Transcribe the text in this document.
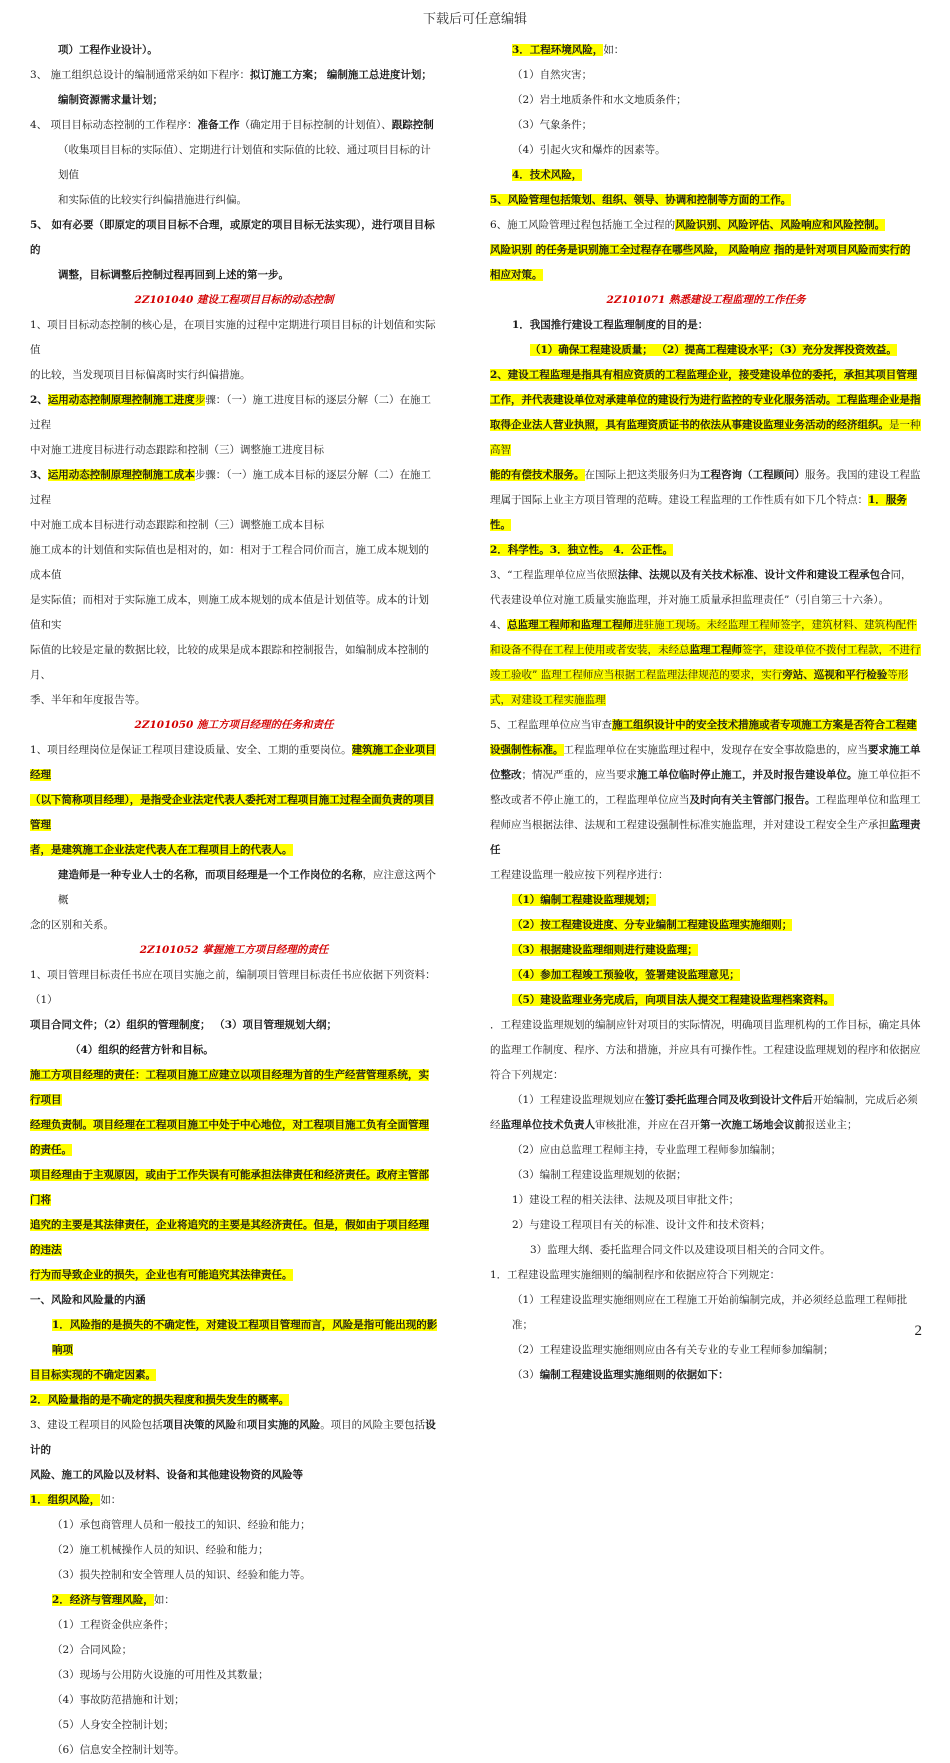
下载后可任意编辑
项）工程作业设计）。
3、 施工组织总设计的编制通常采纳如下程序：拟订施工方案； 编制施工总进度计划；
编制资源需求量计划；
4、 项目目标动态控制的工作程序：准备工作（确定用于目标控制的计划值）、跟踪控制
（收集项目目标的实际值）、定期进行计划值和实际值的比较、通过项目目标的计划值
和实际值的比较实行纠偏措施进行纠偏。
5、 如有必要（即原定的项目目标不合理，或原定的项目目标无法实现），进行项目目标的
调整，目标调整后控制过程再回到上述的第一步。
2Z101040 建设工程项目目标的动态控制
1、项目目标动态控制的核心是，在项目实施的过程中定期进行项目目标的计划值和实际值
的比较，当发现项目目标偏离时实行纠偏措施。
2、运用动态控制原理控制施工进度步骤：（一）施工进度目标的逐层分解（二）在施工过程
中对施工进度目标进行动态跟踪和控制（三）调整施工进度目标
3、运用动态控制原理控制施工成本步骤：（一）施工成本目标的逐层分解（二）在施工过程
中对施工成本目标进行动态跟踪和控制（三）调整施工成本目标
施工成本的计划值和实际值也是相对的，如：相对于工程合同价而言，施工成本规划的成本值
是实际值；而相对于实际施工成本，则施工成本规划的成本值是计划值等。成本的计划值和实
际值的比较是定量的数据比较，比较的成果是成本跟踪和控制报告，如编制成本控制的月、
季、半年和年度报告等。
2Z101050 施工方项目经理的任务和责任
1、项目经理岗位是保证工程项目建设质量、安全、工期的重要岗位。建筑施工企业项目经理
（以下简称项目经理），是指受企业法定代表人委托对工程项目施工过程全面负责的项目管理
者，是建筑施工企业法定代表人在工程项目上的代表人。
建造师是一种专业人士的名称，而项目经理是一个工作岗位的名称，应注意这两个概
念的区别和关系。
2Z101052 掌握施工方项目经理的责任
1、项目管理目标责任书应在项目实施之前，编制项目管理目标责任书应依据下列资料：（1）
项目合同文件；（2）组织的管理制度； （3）项目管理规划大纲；
（4）组织的经营方针和目标。
施工方项目经理的责任：工程项目施工应建立以项目经理为首的生产经营管理系统，实行项目
经理负责制。项目经理在工程项目施工中处于中心地位，对工程项目施工负有全面管理的责任。
项目经理由于主观原因，或由于工作失误有可能承担法律责任和经济责任。政府主管部门将
追究的主要是其法律责任，企业将追究的主要是其经济责任。但是，假如由于项目经理的违法
行为而导致企业的损失，企业也有可能追究其法律责任。
一、风险和风险量的内涵
1．风险指的是损失的不确定性，对建设工程项目管理而言，风险是指可能出现的影响项
目目标实现的不确定因素。
2．风险量指的是不确定的损失程度和损失发生的概率。
3、建设工程项目的风险包括项目决策的风险和项目实施的风险。项目的风险主要包括设计的
风险、施工的风险以及材料、设备和其他建设物资的风险等
1．组织风险，如：
（1）承包商管理人员和一般技工的知识、经验和能力；
（2）施工机械操作人员的知识、经验和能力；
（3）损失控制和安全管理人员的知识、经验和能力等。
2．经济与管理风险，如：
（1）工程资金供应条件；
（2）合同风险；
（3）现场与公用防火设施的可用性及其数量；
（4）事故防范措施和计划；
（5）人身安全控制计划；
（6）信息安全控制计划等。
3．工程环境风险，如：
（1）自然灾害；
（2）岩土地质条件和水文地质条件；
（3）气象条件；
（4）引起火灾和爆炸的因素等。
4．技术风险，
5、风险管理包括策划、组织、领导、协调和控制等方面的工作。
6、施工风险管理过程包括施工全过程的风险识别、风险评估、风险响应和风险控制。
风险识别 的任务是识别施工全过程存在哪些风险， 风险响应 指的是针对项目风险而实行的
相应对策。
2Z101071 熟悉建设工程监理的工作任务
1．我国推行建设工程监理制度的目的是：
（1）确保工程建设质量； （2）提高工程建设水平；（3）充分发挥投资效益。
2、建设工程监理是指具有相应资质的工程监理企业，接受建设单位的委托，承担其项目管理
工作，并代表建设单位对承建单位的建设行为进行监控的专业化服务活动。工程监理企业是指
取得企业法人营业执照，具有监理资质证书的依法从事建设监理业务活动的经济组织。是一种高智
能的有偿技术服务。在国际上把这类服务归为工程咨询（工程顾问）服务。我国的建设工程监
理属于国际上业主方项目管理的范畴。建设工程监理的工作性质有如下几个特点：1．服务性。
2．科学性。3．独立性。 4．公正性。
3、“工程监理单位应当依照法律、法规以及有关技术标准、设计文件和建设工程承包合同，
代表建设单位对施工质量实施监理，并对施工质量承担监理责任”（引自第三十六条）。
4、总监理工程师和监理工程师进驻施工现场。未经监理工程师签字，建筑材料、建筑构配件
和设备不得在工程上使用或者安装，未经总监理工程师签字，建设单位不拨付工程款，不进行
竣工验收” 监理工程师应当根据工程监理法律规范的要求，实行旁站、巡视和平行检验等形
式，对建设工程实施监理
5、工程监理单位应当审查施工组织设计中的安全技术措施或者专项施工方案是否符合工程建
设强制性标准。工程监理单位在实施监理过程中，发现存在安全事故隐患的，应当要求施工单
位整改；情况严重的，应当要求施工单位临时停止施工，并及时报告建设单位。施工单位拒不
整改或者不停止施工的，工程监理单位应当及时向有关主管部门报告。工程监理单位和监理工
程师应当根据法律、法规和工程建设强制性标准实施监理，并对建设工程安全生产承担监理责
任
工程建设监理一般应按下列程序进行：
（1）编制工程建设监理规划；
（2）按工程建设进度、分专业编制工程建设监理实施细则；
（3）根据建设监理细则进行建设监理；
（4）参加工程竣工预验收，签署建设监理意见；
（5）建设监理业务完成后，向项目法人提交工程建设监理档案资料。
．工程建设监理规划的编制应针对项目的实际情况，明确项目监理机构的工作目标，确定具体
的监理工作制度、程序、方法和措施，并应具有可操作性。工程建设监理规划的程序和依据应
符合下列规定：
（1）工程建设监理规划应在签订委托监理合同及收到设计文件后开始编制，完成后必须
经监理单位技术负责人审核批准，并应在召开第一次施工场地会议前报送业主；
（2）应由总监理工程师主持，专业监理工程师参加编制；
（3）编制工程建设监理规划的依据；
1）建设工程的相关法律、法规及项目审批文件；
2）与建设工程项目有关的标准、设计文件和技术资料；
3）监理大纲、委托监理合同文件以及建设项目相关的合同文件。
1．工程建设监理实施细则的编制程序和依据应符合下列规定：
（1）工程建设监理实施细则应在工程施工开始前编制完成，并必须经总监理工程师批准；
（2）工程建设监理实施细则应由各有关专业的专业工程师参加编制；
（3）编制工程建设监理实施细则的依据如下：
2
